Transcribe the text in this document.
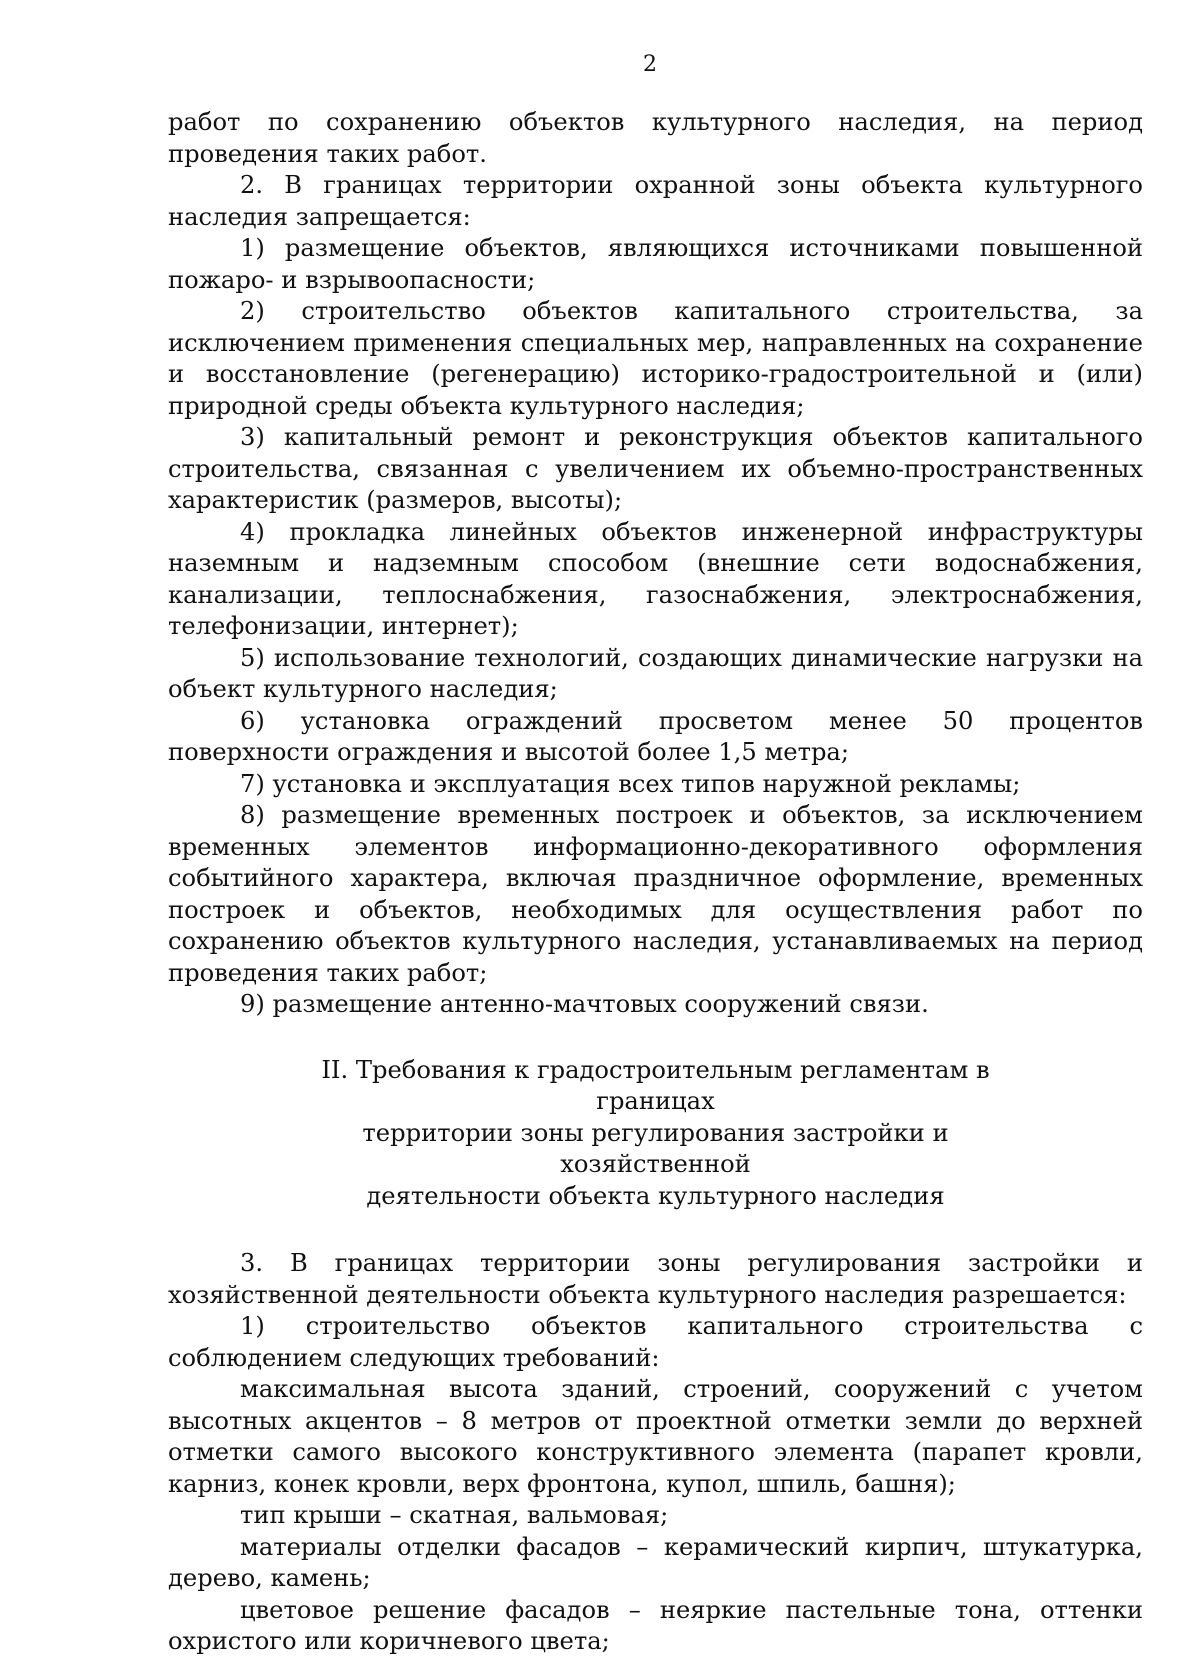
2

работ по сохранению объектов культурного наследия, на период проведения таких работ.

2. В границах территории охранной зоны объекта культурного наследия запрещается:

1) размещение объектов, являющихся источниками повышенной пожаро- и взрывоопасности;

2) строительство объектов капитального строительства, за исключением применения специальных мер, направленных на сохранение и восстановление (регенерацию) историко-градостроительной и (или) природной среды объекта культурного наследия;

3) капитальный ремонт и реконструкция объектов капитального строительства, связанная с увеличением их объемно-пространственных характеристик (размеров, высоты);

4) прокладка линейных объектов инженерной инфраструктуры наземным и надземным способом (внешние сети водоснабжения, канализации, теплоснабжения, газоснабжения, электроснабжения, телефонизации, интернет);

5) использование технологий, создающих динамические нагрузки на объект культурного наследия;

6) установка ограждений просветом менее 50 процентов поверхности ограждения и высотой более 1,5 метра;

7) установка и эксплуатация всех типов наружной рекламы;

8) размещение временных построек и объектов, за исключением временных элементов информационно-декоративного оформления событийного характера, включая праздничное оформление, временных построек и объектов, необходимых для осуществления работ по сохранению объектов культурного наследия, устанавливаемых на период проведения таких работ;

9) размещение антенно-мачтовых сооружений связи.

II. Требования к градостроительным регламентам в границах
территории зоны регулирования застройки и хозяйственной
деятельности объекта культурного наследия

3. В границах территории зоны регулирования застройки и хозяйственной деятельности объекта культурного наследия разрешается:

1) строительство объектов капитального строительства с соблюдением следующих требований:

максимальная высота зданий, строений, сооружений с учетом высотных акцентов – 8 метров от проектной отметки земли до верхней отметки самого высокого конструктивного элемента (парапет кровли, карниз, конек кровли, верх фронтона, купол, шпиль, башня);

тип крыши – скатная, вальмовая;

материалы отделки фасадов – керамический кирпич, штукатурка, дерево, камень;

цветовое решение фасадов – неяркие пастельные тона, оттенки охристого или коричневого цвета;
